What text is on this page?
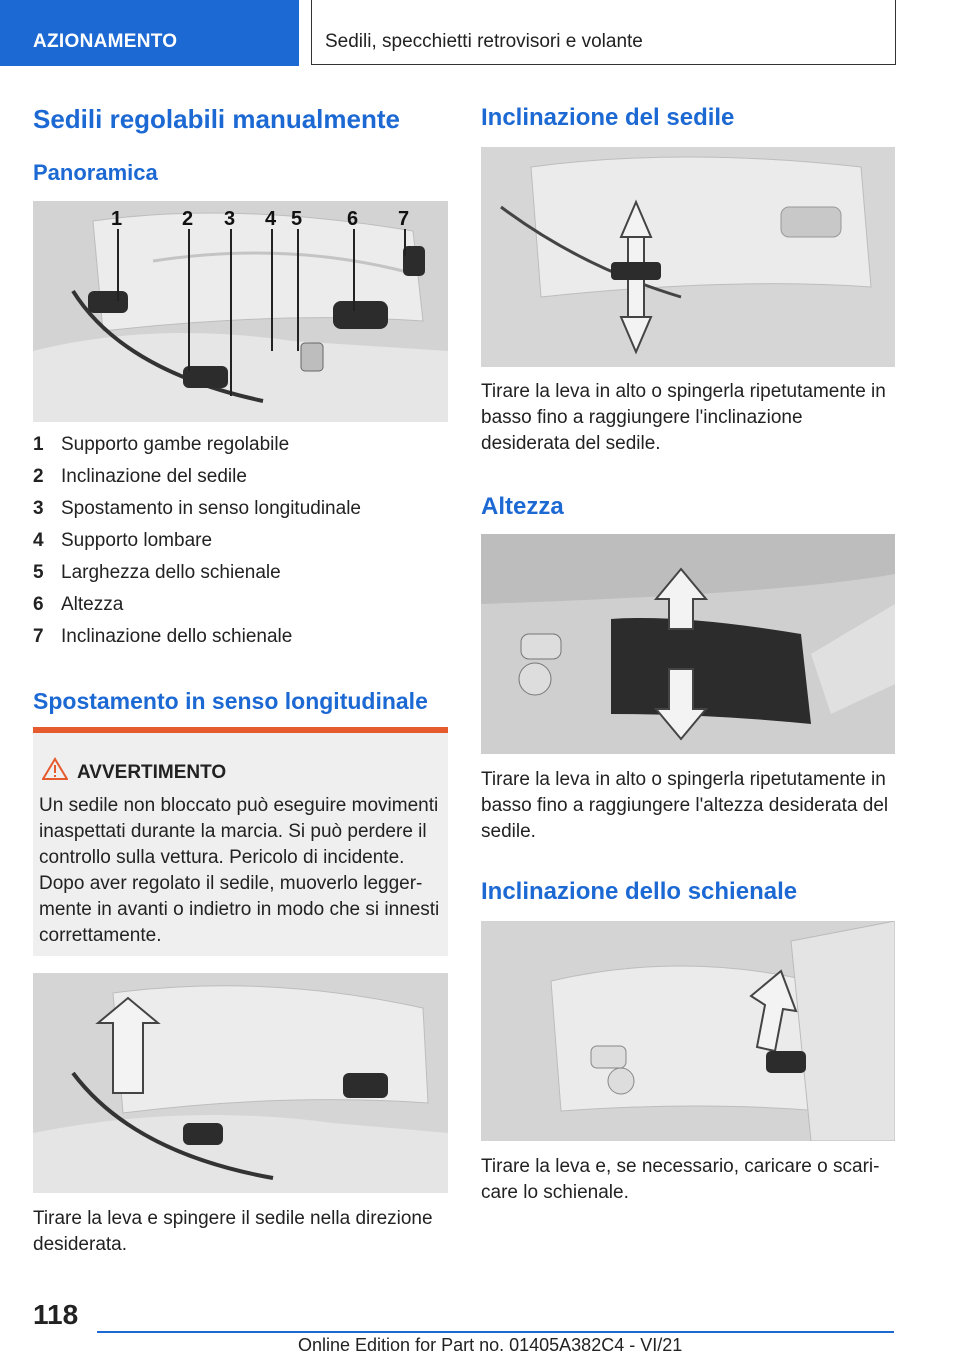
AZIONAMENTO	Sedili, specchietti retrovisori e volante
Sedili regolabili manualmente
Panoramica
1	2 3 4 5 6 7
1 Supporto gambe regolabile
2 Inclinazione del sedile
3 Spostamento in senso longitudinale
4 Supporto lombare
5 Larghezza dello schienale
6 Altezza
7 Inclinazione dello schienale
Spostamento in senso longitudinale
AVVERTIMENTO
Un sedile non bloccato può eseguire movimenti inaspettati durante la marcia. Si può perdere il controllo sulla vettura. Pericolo di incidente. Dopo aver regolato il sedile, muoverlo legger-mente in avanti o indietro in modo che si innesti correttamente.

Tirare la leva e spingere il sedile nella direzione desiderata.

Inclinazione del sedile

Tirare la leva in alto o spingerla ripetutamente in basso fino a raggiungere l'inclinazione desiderata del sedile.

Altezza

Tirare la leva in alto o spingerla ripetutamente in basso fino a raggiungere l'altezza desiderata del sedile.

Inclinazione dello schienale

Tirare la leva e, se necessario, caricare o scari-care lo schienale.

118
Online Edition for Part no. 01405A382C4 - VI/21
